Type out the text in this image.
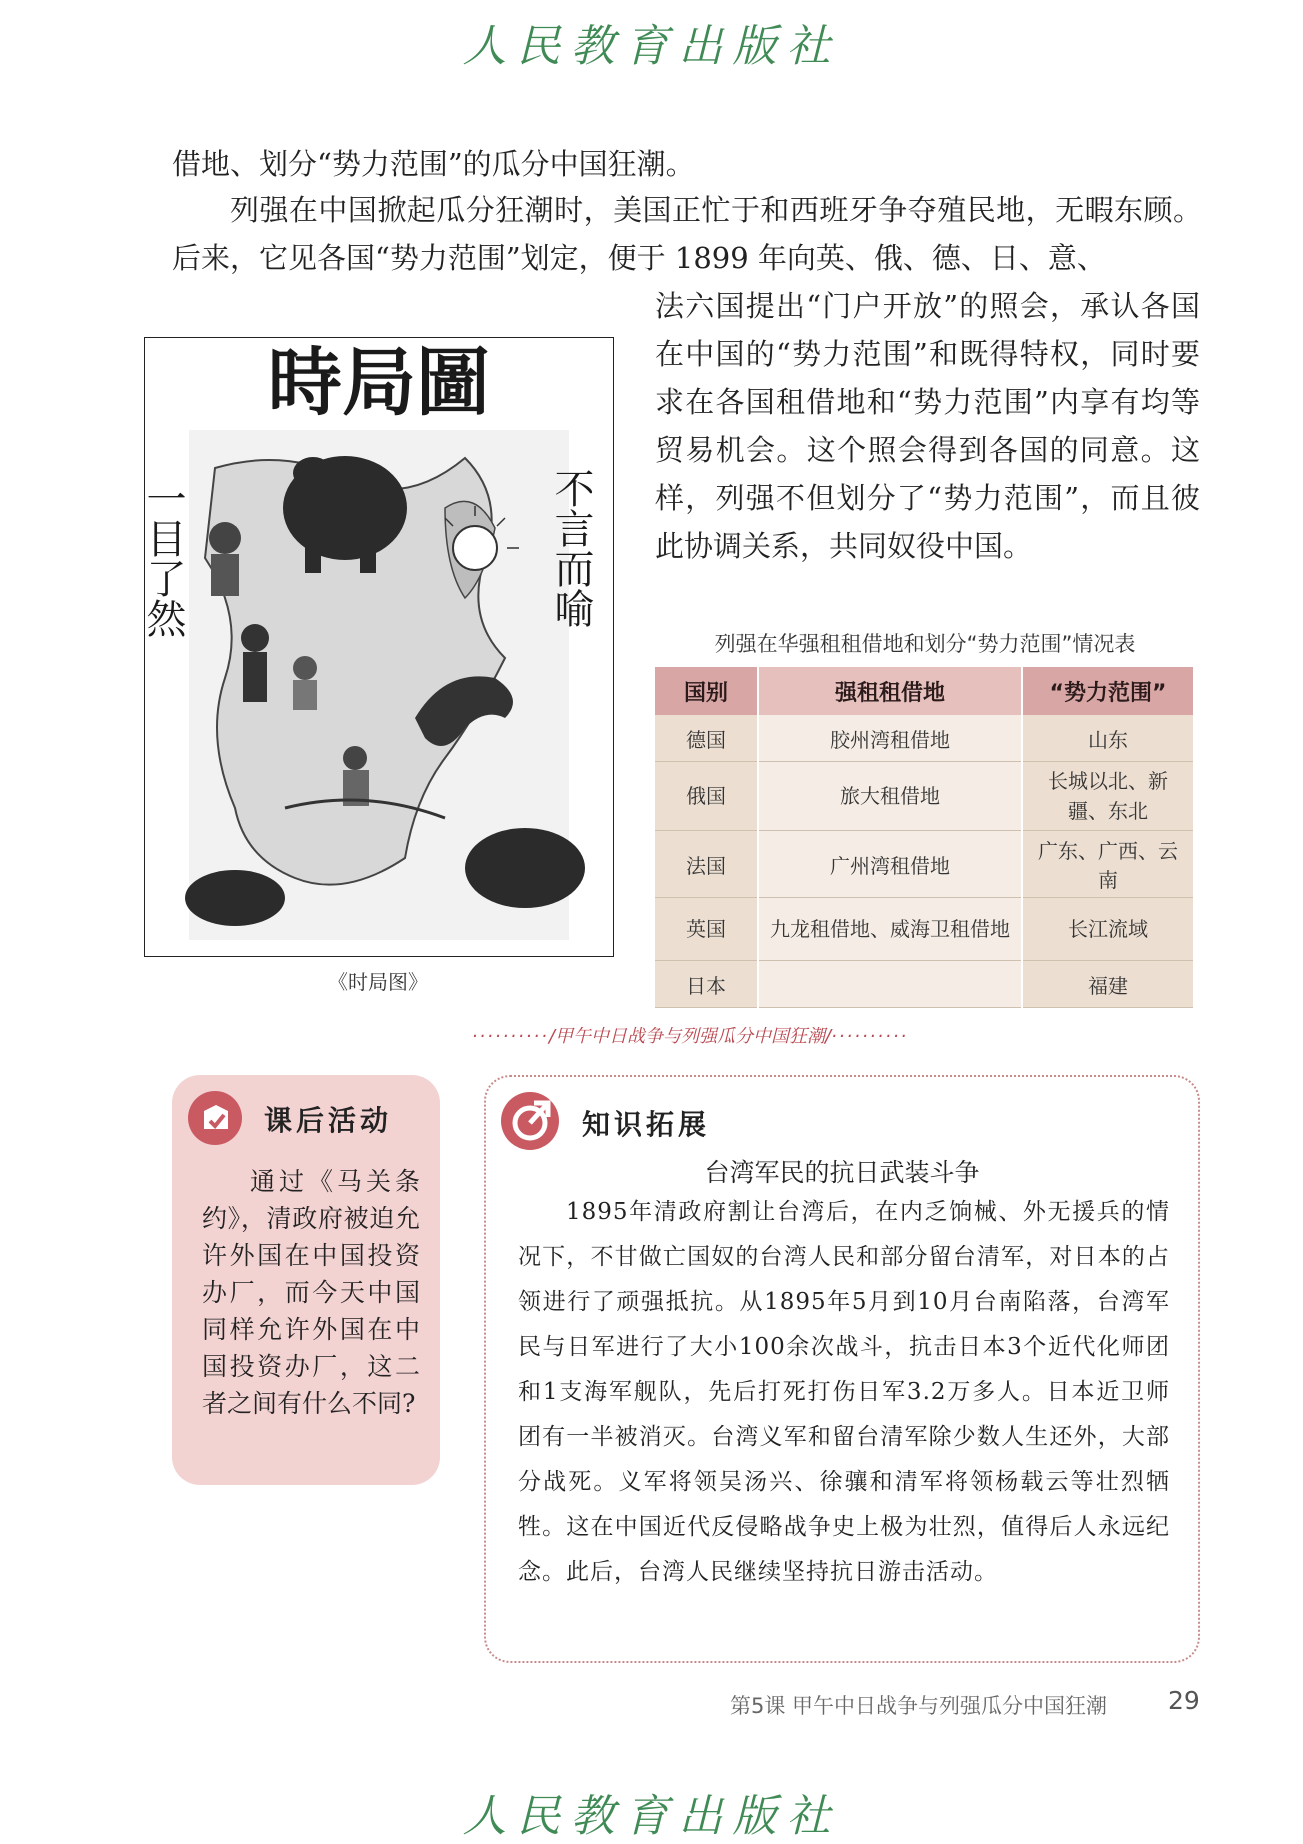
人民教育出版社
借地、划分“势力范围”的瓜分中国狂潮。
列强在中国掀起瓜分狂潮时，美国正忙于和西班牙争夺殖民地，无暇东顾。后来，它见各国“势力范围”划定，便于 1899 年向英、俄、德、日、意、
法六国提出“门户开放”的照会，承认各国在中国的“势力范围”和既得特权，同时要求在各国租借地和“势力范围”内享有均等贸易机会。这个照会得到各国的同意。这样，列强不但划分了“势力范围”，而且彼此协调关系，共同奴役中国。
時局圖
一目了然	不言而喻
《时局图》
列强在华强租租借地和划分“势力范围”情况表
国别	强租租借地	“势力范围”
德国	胶州湾租借地	山东
俄国	旅大租借地	长城以北、新疆、东北
法国	广州湾租借地	广东、广西、云南
英国	九龙租借地、威海卫租借地	长江流域
日本		福建
··········/甲午中日战争与列强瓜分中国狂潮/··········
课后活动
通过《马关条约》，清政府被迫允许外国在中国投资办厂，而今天中国同样允许外国在中国投资办厂，这二者之间有什么不同?
知识拓展
台湾军民的抗日武装斗争
1895年清政府割让台湾后，在内乏饷械、外无援兵的情况下，不甘做亡国奴的台湾人民和部分留台清军，对日本的占领进行了顽强抵抗。从1895年5月到10月台南陷落，台湾军民与日军进行了大小100余次战斗，抗击日本3个近代化师团和1支海军舰队，先后打死打伤日军3.2万多人。日本近卫师团有一半被消灭。台湾义军和留台清军除少数人生还外，大部分战死。义军将领吴汤兴、徐骧和清军将领杨载云等壮烈牺牲。这在中国近代反侵略战争史上极为壮烈，值得后人永远纪念。此后，台湾人民继续坚持抗日游击活动。
第5课 甲午中日战争与列强瓜分中国狂潮 29
人民教育出版社
